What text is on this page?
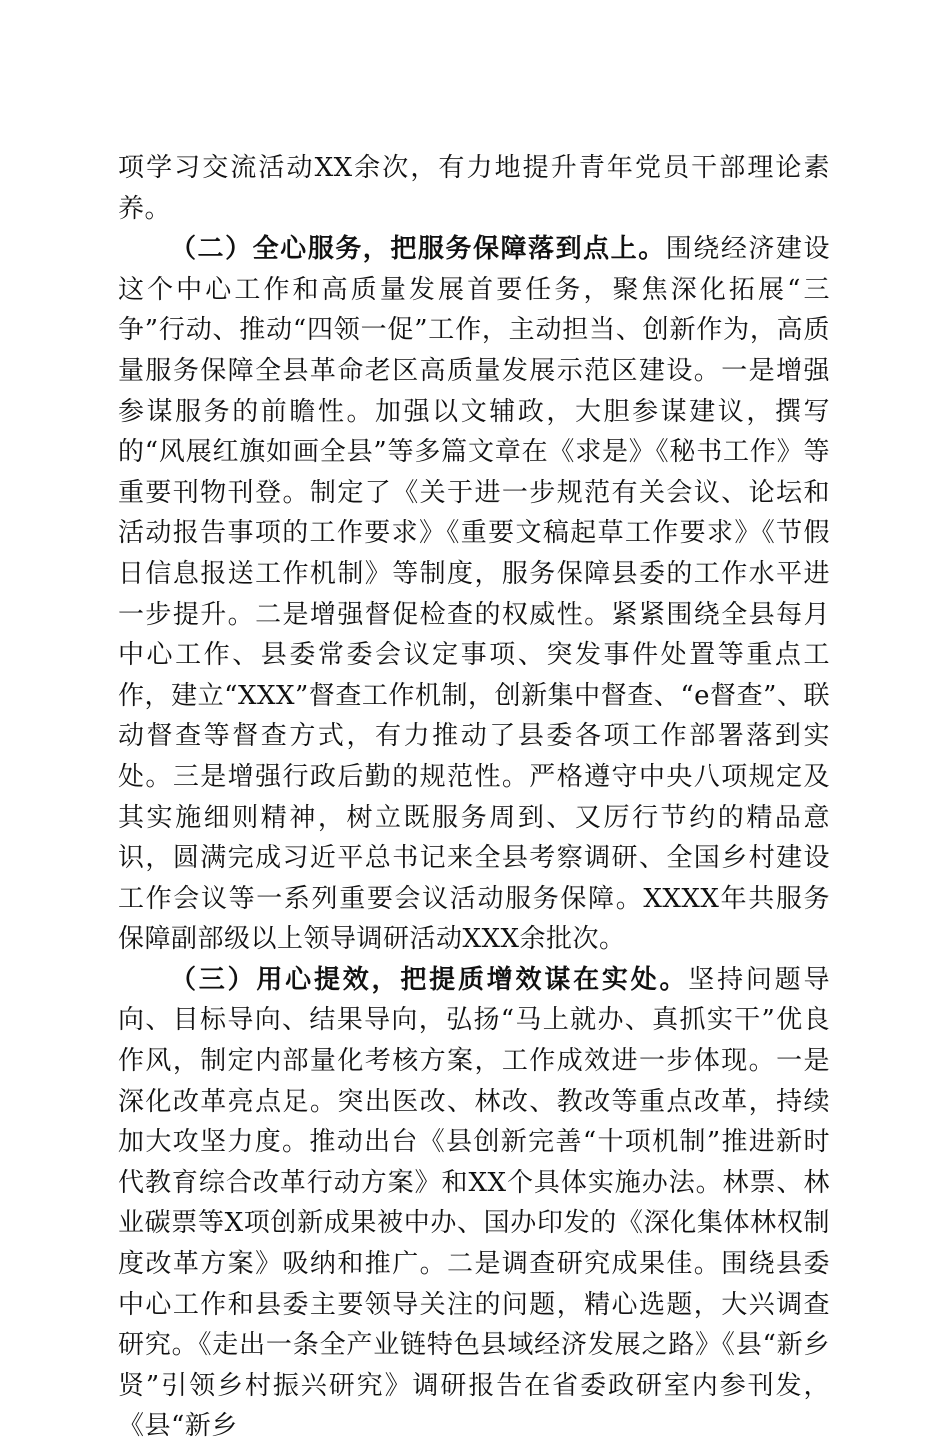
项学习交流活动XX余次，有力地提升青年党员干部理论素养。

（二）全心服务，把服务保障落到点上。围绕经济建设这个中心工作和高质量发展首要任务，聚焦深化拓展“三争”行动、推动“四领一促”工作，主动担当、创新作为，高质量服务保障全县革命老区高质量发展示范区建设。一是增强参谋服务的前瞻性。加强以文辅政，大胆参谋建议，撰写的“风展红旗如画全县”等多篇文章在《求是》《秘书工作》等重要刊物刊登。制定了《关于进一步规范有关会议、论坛和活动报告事项的工作要求》《重要文稿起草工作要求》《节假日信息报送工作机制》等制度，服务保障县委的工作水平进一步提升。二是增强督促检查的权威性。紧紧围绕全县每月中心工作、县委常委会议定事项、突发事件处置等重点工作，建立“XXX”督查工作机制，创新集中督查、“e督查”、联动督查等督查方式，有力推动了县委各项工作部署落到实处。三是增强行政后勤的规范性。严格遵守中央八项规定及其实施细则精神，树立既服务周到、又厉行节约的精品意识，圆满完成习近平总书记来全县考察调研、全国乡村建设工作会议等一系列重要会议活动服务保障。XXXX年共服务保障副部级以上领导调研活动XXX余批次。

（三）用心提效，把提质增效谋在实处。坚持问题导向、目标导向、结果导向，弘扬“马上就办、真抓实干”优良作风，制定内部量化考核方案，工作成效进一步体现。一是深化改革亮点足。突出医改、林改、教改等重点改革，持续加大攻坚力度。推动出台《县创新完善“十项机制”推进新时代教育综合改革行动方案》和XX个具体实施办法。林票、林业碳票等X项创新成果被中办、国办印发的《深化集体林权制度改革方案》吸纳和推广。二是调查研究成果佳。围绕县委中心工作和县委主要领导关注的问题，精心选题，大兴调查研究。《走出一条全产业链特色县域经济发展之路》《县“新乡贤”引领乡村振兴研究》调研报告在省委政研室内参刊发，《县“新乡
